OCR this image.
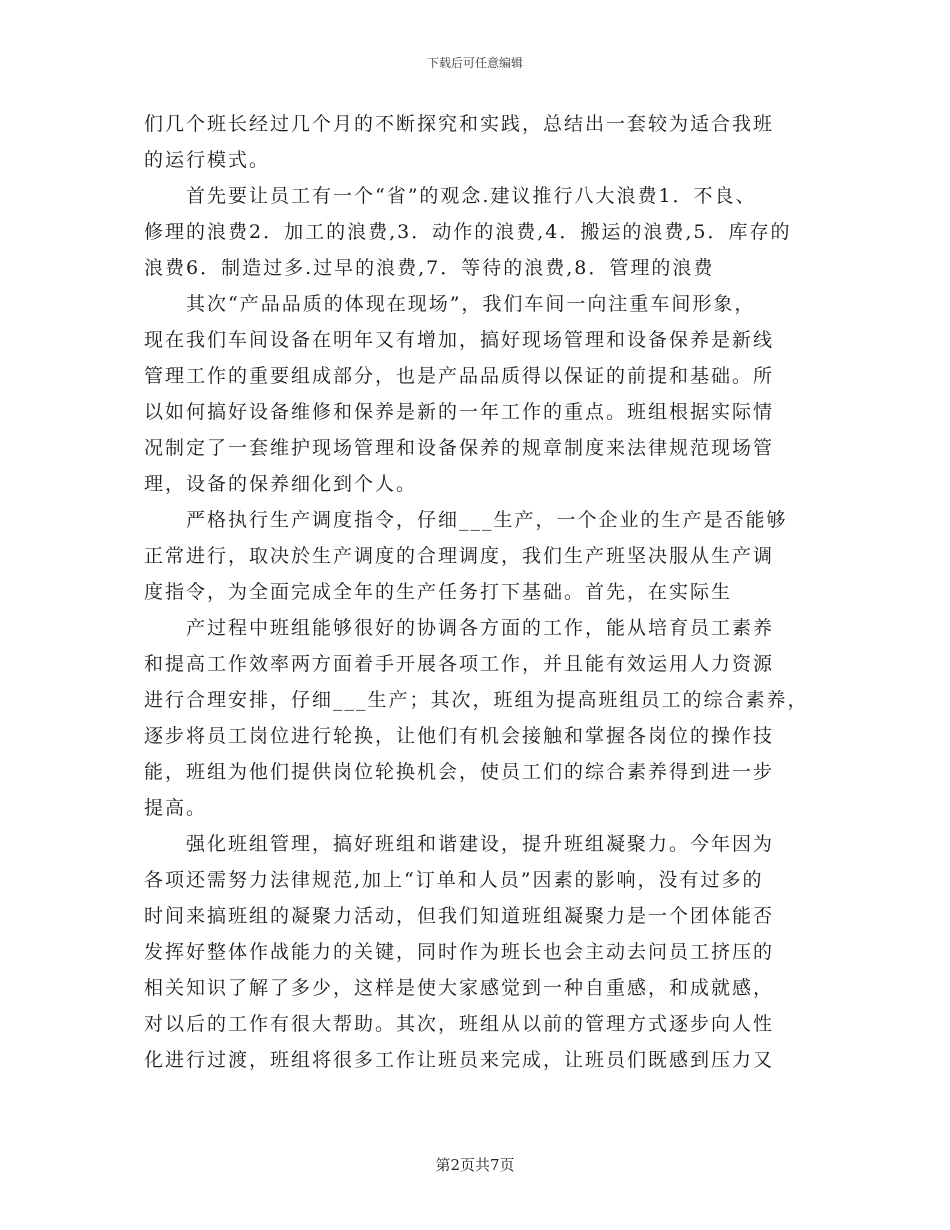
下载后可任意编辑
们几个班长经过几个月的不断探究和实践，总结出一套较为适合我班
的运行模式。
首先要让员工有一个“省”的观念.建议推行八大浪费1．不良、
修理的浪费2．加工的浪费,3．动作的浪费,4．搬运的浪费,5．库存的
浪费6．制造过多.过早的浪费,7．等待的浪费,8．管理的浪费
其次“产品品质的体现在现场”，我们车间一向注重车间形象，
现在我们车间设备在明年又有增加，搞好现场管理和设备保养是新线
管理工作的重要组成部分，也是产品品质得以保证的前提和基础。所
以如何搞好设备维修和保养是新的一年工作的重点。班组根据实际情
况制定了一套维护现场管理和设备保养的规章制度来法律规范现场管
理，设备的保养细化到个人。
严格执行生产调度指令，仔细___生产，一个企业的生产是否能够
正常进行，取决於生产调度的合理调度，我们生产班坚决服从生产调
度指令，为全面完成全年的生产任务打下基础。首先，在实际生
产过程中班组能够很好的协调各方面的工作，能从培育员工素养
和提高工作效率两方面着手开展各项工作，并且能有效运用人力资源
进行合理安排，仔细___生产；其次，班组为提高班组员工的综合素养，
逐步将员工岗位进行轮换，让他们有机会接触和掌握各岗位的操作技
能，班组为他们提供岗位轮换机会，使员工们的综合素养得到进一步
提高。
强化班组管理，搞好班组和谐建设，提升班组凝聚力。今年因为
各项还需努力法律规范,加上“订单和人员”因素的影响，没有过多的
时间来搞班组的凝聚力活动，但我们知道班组凝聚力是一个团体能否
发挥好整体作战能力的关键，同时作为班长也会主动去问员工挤压的
相关知识了解了多少，这样是使大家感觉到一种自重感，和成就感，
对以后的工作有很大帮助。其次，班组从以前的管理方式逐步向人性
化进行过渡，班组将很多工作让班员来完成，让班员们既感到压力又
第2页共7页
